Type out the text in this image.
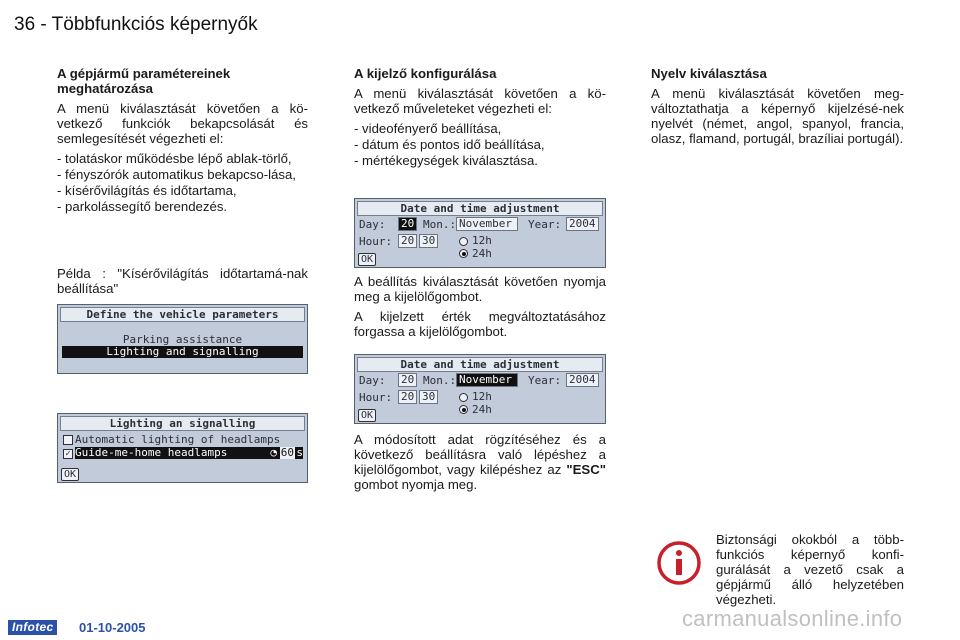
36 - Többfunkciós képernyők

A gépjármű paramétereinek meghatározása

A menü kiválasztását követően a kö-vetkező funkciók bekapcsolását és semlegesítését végezheti el:

- tolatáskor működésbe lépő ablak-törlő,
- fényszórók automatikus bekapcso-lása,
- kísérővilágítás és időtartama,
- parkolássegítő berendezés.
Példa : "Kísérővilágítás időtartamá-nak beállítása"
Define the vehicle parameters
Parking assistance
Lighting and signalling
Lighting an signalling
Automatic lighting of headlamps
✓ Guide-me-home headlamps	◔ 60 s
OK

A kijelző konfigurálása

A menü kiválasztását követően a kö-vetkező műveleteket végezheti el:

- videofényerő beállítása,
- dátum és pontos idő beállítása,
- mértékegységek kiválasztása.
Date and time adjustment
Day: 20 Mon.: November	Year: 2004
Hour: 20 30	12h
24h
OK

A beállítás kiválasztását követően nyomja meg a kijelölőgombot.

A kijelzett érték megváltoztatásához forgassa a kijelölőgombot.

Date and time adjustment
Day: 20 Mon.: November	Year: 2004
Hour: 20 30	12h
24h
OK
A módosított adat rögzítéséhez és a következő beállításra való lépéshez a kijelölőgombot, vagy kilépéshez az "ESC" gombot nyomja meg.

Nyelv kiválasztása

A menü kiválasztását követően meg-változtathatja a képernyő kijelzésé-nek nyelvét (német, angol, spanyol, francia, olasz, flamand, portugál, brazíliai portugál).

Biztonsági okokból a több-funkciós képernyő konfi-gurálását a vezető csak a gépjármű álló helyzetében végezheti.
Infotec	01-10-2005	carmanualsonline.info
